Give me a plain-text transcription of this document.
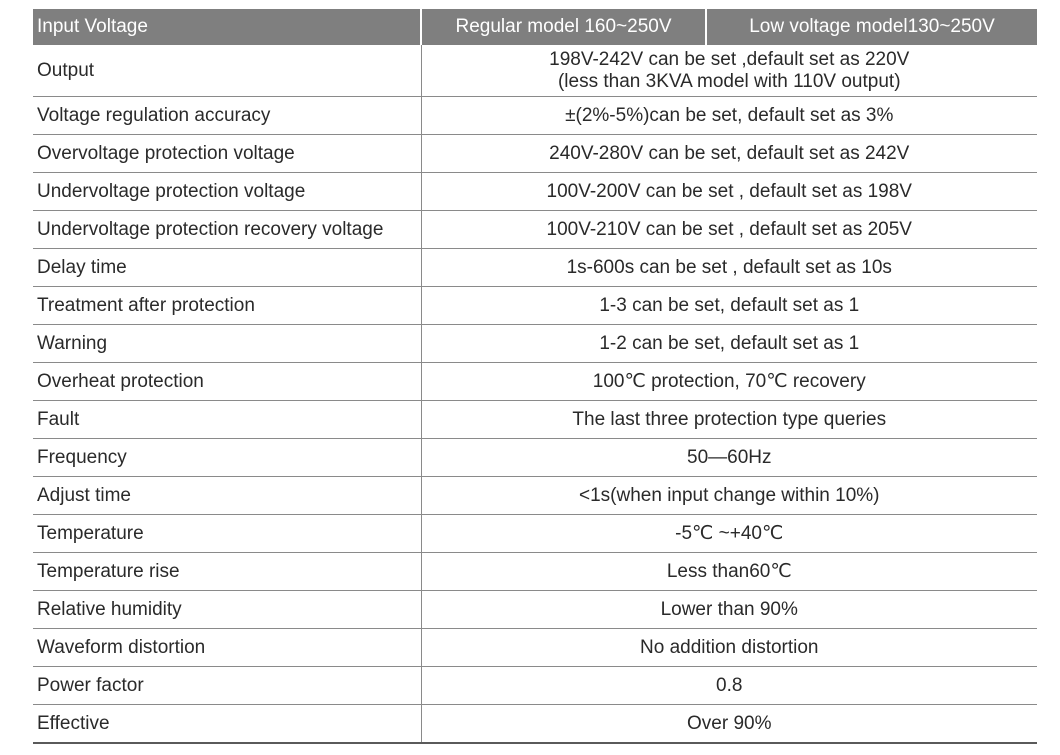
Input Voltage	Regular model 160~250V	Low voltage model130~250V
Output	198V-242V can be set ,default set as 220V
(less than 3KVA model with 110V output)	

Voltage regulation accuracy	±(2%-5%)can be set, default set as 3%	
Overvoltage protection voltage	240V-280V can be set, default set as 242V	
Undervoltage protection voltage	100V-200V can be set , default set as 198V	
Undervoltage protection recovery voltage	100V-210V can be set , default set as 205V	
Delay time	1s-600s can be set , default set as 10s	
Treatment after protection	1-3 can be set, default set as 1	
Warning	1-2 can be set, default set as 1	
Overheat protection	100℃ protection, 70℃ recovery	
Fault	The last three protection type queries	
Frequency	50—60Hz	
Adjust time	<1s(when input change within 10%)	
Temperature	-5℃ ~+40℃	
Temperature rise	Less than60℃	
Relative humidity	Lower than 90%	
Waveform distortion	No addition distortion	
Power factor	0.8	
Effective	Over 90%	
